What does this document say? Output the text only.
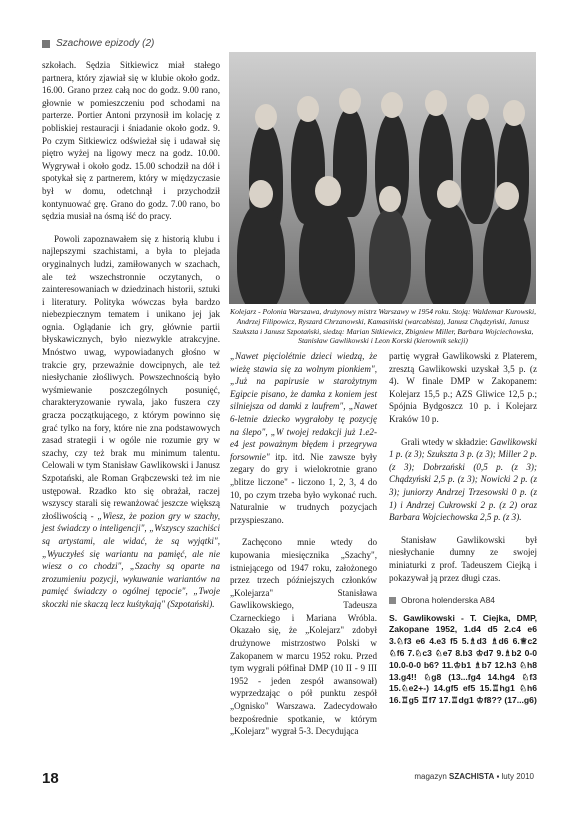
Szachowe epizody (2)

szkołach. Sędzia Sitkiewicz miał stałego partnera, który zjawiał się w klubie około godz. 16.00. Grano przez całą noc do godz. 9.00 rano, głownie w pomieszczeniu pod schodami na parterze. Portier Antoni przynosił im kolację z pobliskiej restauracji i śniadanie około godz. 9. Po czym Sitkiewicz odświeżał się i udawał się piętro wyżej na ligowy mecz na godz. 10.00. Wygrywał i około godz. 15.00 schodził na dół i spotykał się z partnerem, który w międzyczasie był w domu, odetchnął i przychodził kontynuować grę. Grano do godz. 7.00 rano, bo sędzia musiał na ósmą iść do pracy.

Powoli zapoznawałem się z historią klubu i najlepszymi szachistami, a była to plejada oryginalnych ludzi, zamiłowanych w szachach, ale też wszechstronnie oczytanych, o zainteresowaniach w dziedzinach historii, sztuki i literatury. Polityka wówczas była bardzo niebezpiecznym tematem i unikano jej jak ognia. Oglądanie ich gry, głównie partii błyskawicznych, było niezwykle atrakcyjne. Mnóstwo uwag, wypowiadanych głośno w trakcie gry, przeważnie dowcipnych, ale też niesłychanie złośliwych. Powszechnością było wyśmiewanie poszczególnych posunięć, charakteryzowanie rywala, jako fuszera czy gracza początkującego, z którym powinno się grać tylko na fory, które nie zna podstawowych zasad strategii i w ogóle nie rozumie gry w szachy, czy też brak mu minimum talentu. Celowali w tym Stanisław Gawlikowski i Janusz Szpotański, ale Roman Grąbczewski też im nie ustępował. Rzadko kto się obrażał, raczej wszyscy starali się rewanżować jeszcze większą złośliwością - „Wiesz, że pozion gry w szachy, jest świadczy o inteligencji", „Wszyscy szachiści są artystami, ale widać, że są wyjątki", „Wyuczyłeś się wariantu na pamięć, ale nie wiesz o co chodzi", „Szachy są oparte na zrozumieniu pozycji, wykuwanie wariantów na pamięć świadczy o ogólnej tępocie", „Twoje skoczki nie skaczą lecz kuśtykają" (Szpotański).

Kolejarz - Polonia Warszawa, drużynowy mistrz Warszawy w 1954 roku. Stoją: Waldemar Kurowski, Andrzej Filipowicz, Ryszard Chrzanowski, Kamasiński (warcabista), Janusz Chądzyński, Janusz Szukszta i Janusz Szpotański, siedzą: Marian Sitkiewicz, Zbigniew Miller, Barbara Wojciechowska, Stanisław Gawlikowski i Leon Korski (kierownik sekcji)

„Nawet pięciolétnie dzieci wiedzą, że wieżę stawia się za wolnym pionkiem", „Już na papirusie w starożytnym Egipcie pisano, że damka z koniem jest silniejsza od damki z laufrem", „Nawet 6-letnie dziecko wygrałoby tę pozycję na ślepo", „W twojej redakcji już 1.e2-e4 jest poważnym błędem i przegrywa forsownie" itp. itd. Nie zawsze były zegary do gry i wielokrotnie grano „blitze liczone" - liczono 1, 2, 3, 4 do 10, po czym trzeba było wykonać ruch. Naturalnie w trudnych pozycjach przyspieszano.

Zachęcono mnie wtedy do kupowania miesięcznika „Szachy", istniejącego od 1947 roku, założonego przez trzech późniejszych członków „Kolejarza" Stanisława Gawlikowskiego, Tadeusza Czarneckiego i Mariana Wróbla. Okazało się, że „Kolejarz" zdobył drużynowe mistrzostwo Polski w Zakopanem w marcu 1952 roku. Przed tym wygrali półfinał DMP (10 II - 9 III 1952 - jeden zespół awansował) wyprzedzając o pół punktu zespół „Ognisko" Warszawa. Zadecydowało bezpośrednie spotkanie, w którym „Kolejarz" wygrał 5-3. Decydująca

partię wygrał Gawlikowski z Platerem, zresztą Gawlikowski uzyskał 3,5 p. (z 4). W finale DMP w Zakopanem: Kolejarz 15,5 p.; AZS Gliwice 12,5 p.; Spójnia Bydgoszcz 10 p. i Kolejarz Kraków 10 p.

Grali wtedy w składzie: Gawlikowski 1 p. (z 3); Szukszta 3 p. (z 3); Miller 2 p. (z 3); Dobrzański (0,5 p. (z 3); Chądzyński 2,5 p. (z 3); Nowicki 2 p. (z 3); juniorzy Andrzej Trzesowski 0 p. (z 1) i Andrzej Cukrowski 2 p. (z 2) oraz Barbara Wojciechowska 2,5 p. (z 3).

Stanisław Gawlikowski był niesłychanie dumny ze swojej miniaturki z prof. Tadeuszem Ciejką i pokazywał ją przez długi czas.

Obrona holenderska A84
S. Gawlikowski - T. Ciejka, DMP, Zakopane 1952, 1.d4 d5 2.c4 e6 3.♘f3 e6 4.e3 f5 5.♗d3 ♗d6 6.♕c2 ♘f6 7.♘c3 ♘e7 8.b3 ♔d7 9.♗b2 0-0 10.0-0-0 b6? 11.♔b1 ♗b7 12.h3 ♘h8 13.g4!! ♘g8 (13...fg4 14.hg4 ♘f3 15.♘e2+-) 14.gf5 ef5 15.♖hg1 ♘h6 16.♖g5 ♖f7 17.♖dg1 ♔f8?? (17...g6)
18	magazyn SZACHISTA ▪ luty 2010
